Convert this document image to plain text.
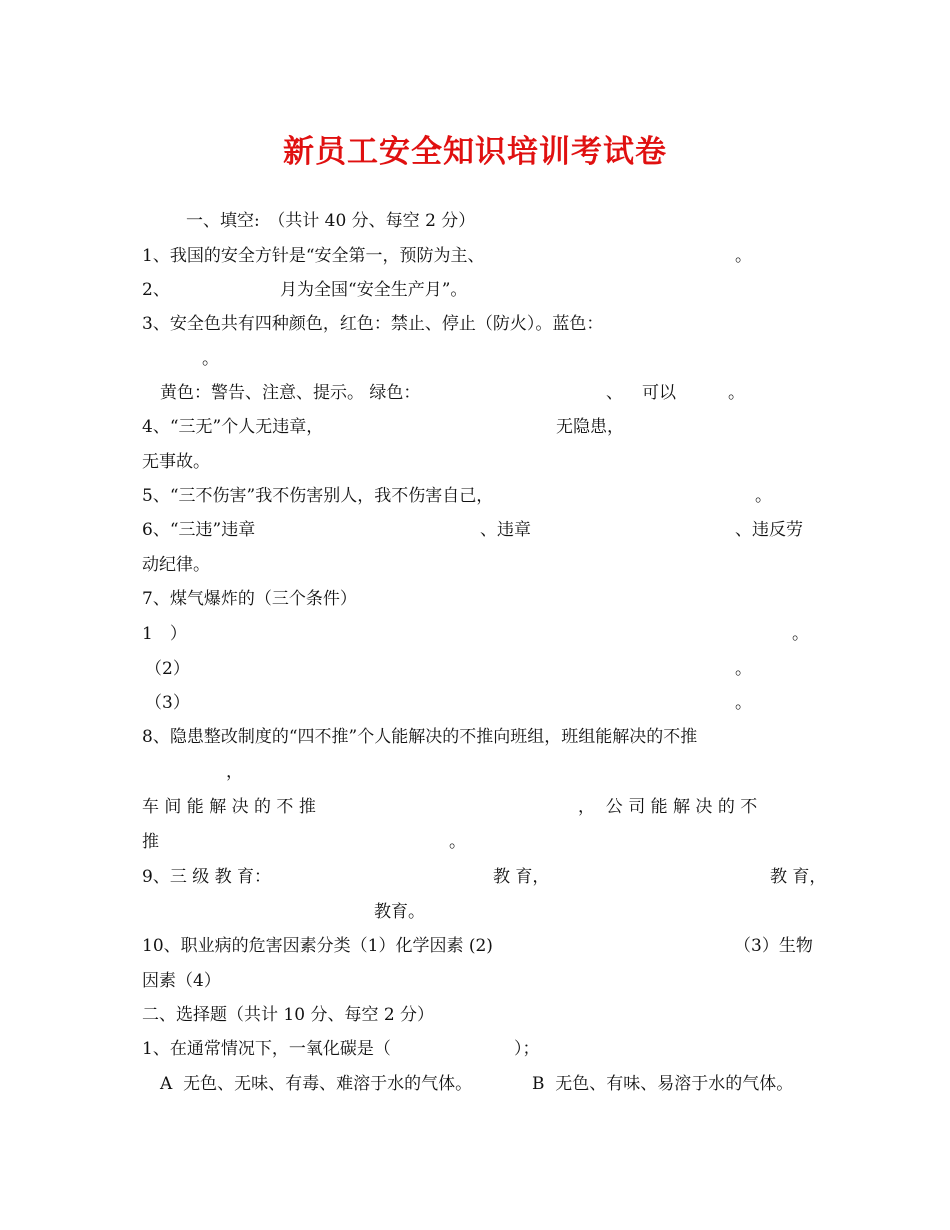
新员工安全知识培训考试卷
一、填空:　（共计 40 分、每空 2 分）
1、我国的安全方针是“安全第一，预防为主、	。
2、	月为全国“安全生产月”。
3、安全色共有四种颜色，红色：禁止、停止（防火）。蓝色：
。
黄色：警告、注意、提示。 绿色：	、 可以	。
4、“三无”个人无违章，	无隐患，
无事故。
5、“三不伤害”我不伤害别人，我不伤害自己，	。
6、“三违”违章	、违章	、违反劳
动纪律。
7、煤气爆炸的（三个条件）
1　）	。
（2）	。
（3）	。
8、隐患整改制度的“四不推”个人能解决的不推向班组，班组能解决的不推
，
车 间 能 解 决 的 不 推	，  公 司 能 解 决 的 不
推	。
9、三 级 教 育：	教 育，	教 育，
教育。
10、职业病的危害因素分类（1）化学因素 (2)	（3）生物
因素（4）
二、选择题（共计 10 分、每空 2 分）
1、在通常情况下，一氧化碳是（	）；
A  无色、无味、有毒、难溶于水的气体。	B  无色、有味、易溶于水的气体。
